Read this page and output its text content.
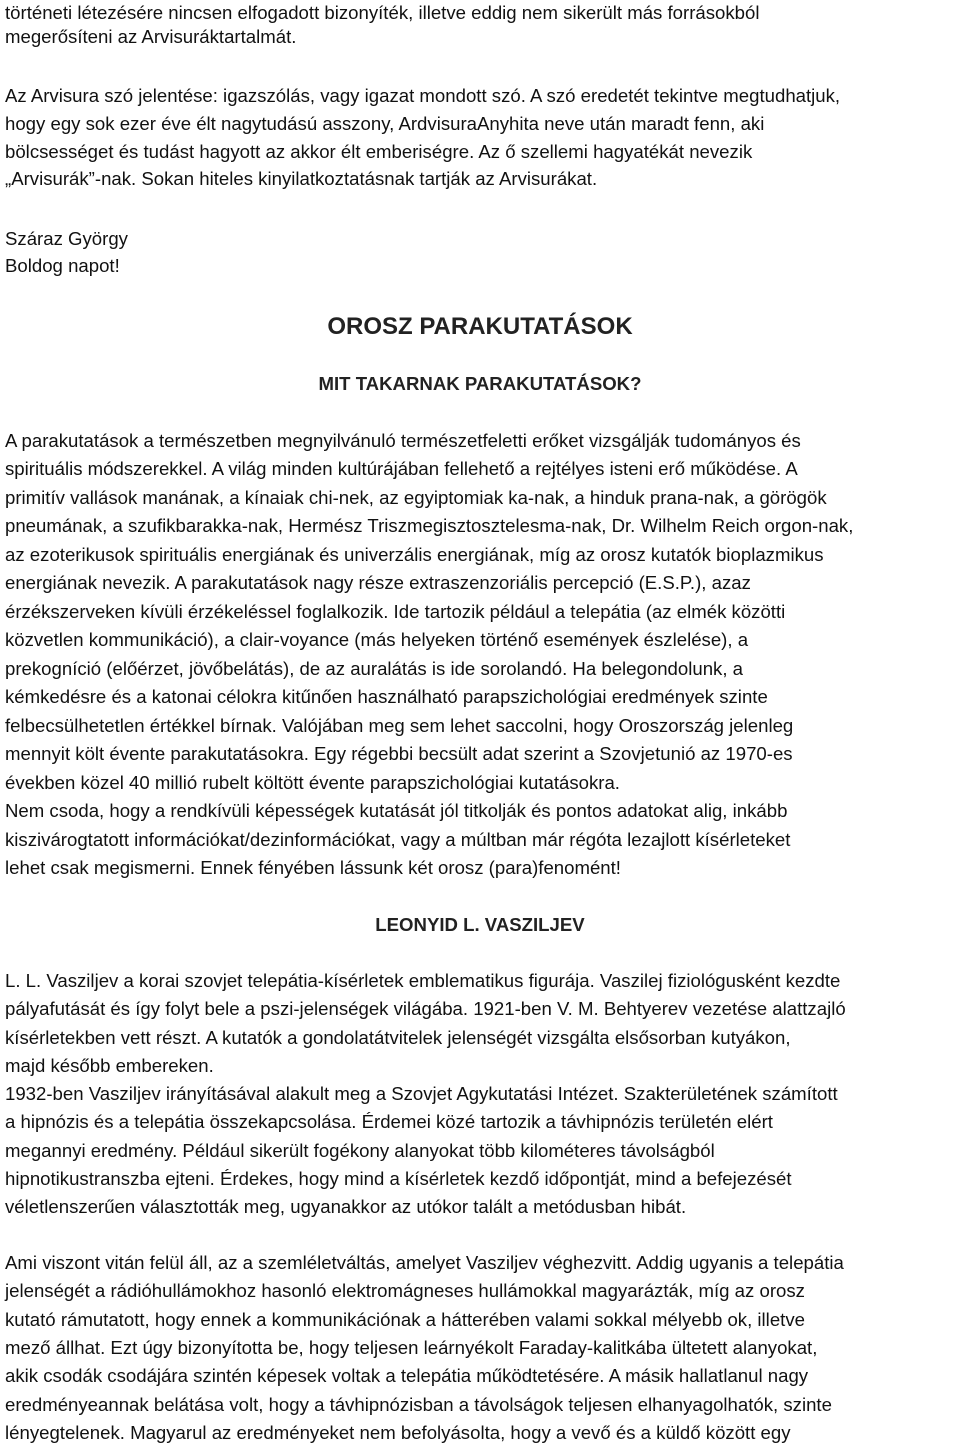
történeti létezésére nincsen elfogadott bizonyíték, illetve eddig nem sikerült más forrásokból
megerősíteni az Arvisuráktartalmát.
Az Arvisura szó jelentése: igazszólás, vagy igazat mondott szó. A szó eredetét tekintve megtudhatjuk,
hogy egy sok ezer éve élt nagytudású asszony, ArdvisuraAnyhita neve után maradt fenn, aki
bölcsességet és tudást hagyott az akkor élt emberiségre. Az ő szellemi hagyatékát nevezik
„Arvisurák”-nak. Sokan hiteles kinyilatkoztatásnak tartják az Arvisurákat.
Száraz György
Boldog napot!
OROSZ PARAKUTATÁSOK
MIT TAKARNAK PARAKUTATÁSOK?
A parakutatások a természetben megnyilvánuló természetfeletti erőket vizsgálják tudományos és
spirituális módszerekkel. A világ minden kultúrájában fellehető a rejtélyes isteni erő működése. A
primitív vallások manának, a kínaiak chi-nek, az egyiptomiak ka-nak, a hinduk prana-nak, a görögök
pneumának, a szufikbarakka-nak, Hermész Triszmegisztosztelesma-nak, Dr. Wilhelm Reich orgon-nak,
az ezoterikusok spirituális energiának és univerzális energiának, míg az orosz kutatók bioplazmikus
energiának nevezik. A parakutatások nagy része extraszenzoriális percepció (E.S.P.), azaz
érzékszerveken kívüli érzékeléssel foglalkozik. Ide tartozik például a telepátia (az elmék közötti
közvetlen kommunikáció), a clair-voyance (más helyeken történő események észlelése), a
prekogníció (előérzet, jövőbelátás), de az auralátás is ide sorolandó. Ha belegondolunk, a
kémkedésre és a katonai célokra kitűnően használható parapszichológiai eredmények szinte
felbecsülhetetlen értékkel bírnak. Valójában meg sem lehet saccolni, hogy Oroszország jelenleg
mennyit költ évente parakutatásokra. Egy régebbi becsült adat szerint a Szovjetunió az 1970-es
években közel 40 millió rubelt költött évente parapszichológiai kutatásokra.
Nem csoda, hogy a rendkívüli képességek kutatását jól titkolják és pontos adatokat alig, inkább
kiszivárogtatott információkat/dezinformációkat, vagy a múltban már régóta lezajlott kísérleteket
lehet csak megismerni. Ennek fényében lássunk két orosz (para)fenomént!
LEONYID L. VASZILJEV
L. L. Vasziljev a korai szovjet telepátia-kísérletek emblematikus figurája. Vaszilej fiziológusként kezdte
pályafutását és így folyt bele a pszi-jelenségek világába. 1921-ben V. M. Behtyerev vezetése alattzajló
kísérletekben vett részt. A kutatók a gondolatátvitelek jelenségét vizsgálta elsősorban kutyákon,
majd később embereken.
1932-ben Vasziljev irányításával alakult meg a Szovjet Agykutatási Intézet. Szakterületének számított
a hipnózis és a telepátia összekapcsolása. Érdemei közé tartozik a távhipnózis területén elért
megannyi eredmény. Például sikerült fogékony alanyokat több kilométeres távolságból
hipnotikustranszba ejteni. Érdekes, hogy mind a kísérletek kezdő időpontját, mind a befejezését
véletlenszerűen választották meg, ugyanakkor az utókor talált a metódusban hibát.
Ami viszont vitán felül áll, az a szemléletváltás, amelyet Vasziljev véghezvitt. Addig ugyanis a telepátia
jelenségét a rádióhullámokhoz hasonló elektromágneses hullámokkal magyarázták, míg az orosz
kutató rámutatott, hogy ennek a kommunikációnak a hátterében valami sokkal mélyebb ok, illetve
mező állhat. Ezt úgy bizonyította be, hogy teljesen leárnyékolt Faraday-kalitkába ültetett alanyokat,
akik csodák csodájára szintén képesek voltak a telepátia működtetésére. A másik hallatlanul nagy
eredményeannak belátása volt, hogy a távhipnózisban a távolságok teljesen elhanyagolhatók, szinte
lényegtelenek. Magyarul az eredményeket nem befolyásolta, hogy a vevő és a küldő között egy
